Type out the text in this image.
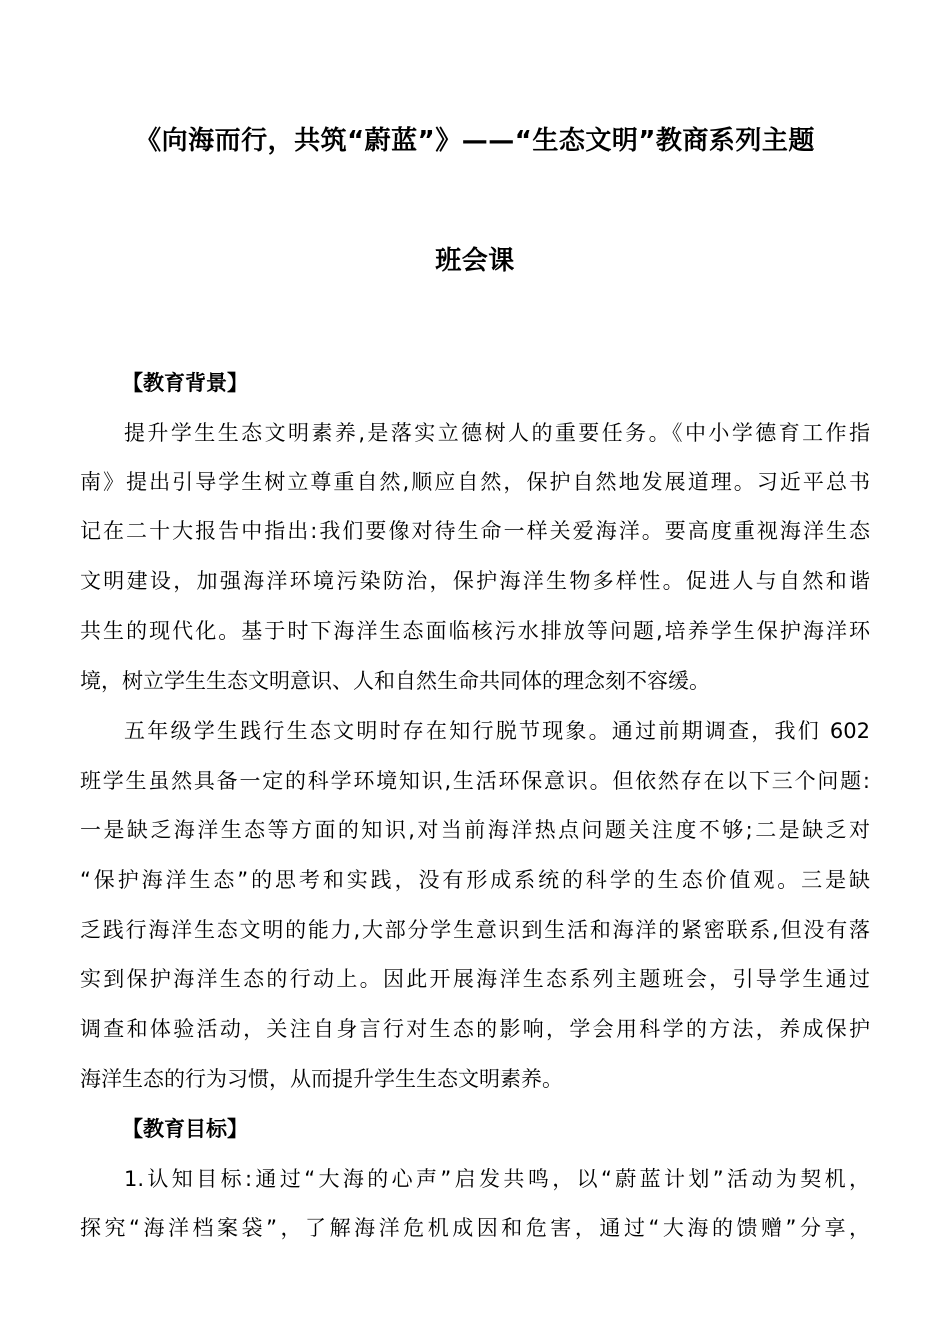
《向海而行，共筑“蔚蓝”》——“生态文明”教商系列主题
班会课
【教育背景】
提升学生生态文明素养,是落实立德树人的重要任务。《中小学德育工作指
南》提出引导学生树立尊重自然,顺应自然，保护自然地发展道理。习近平总书
记在二十大报告中指出:我们要像对待生命一样关爱海洋。要高度重视海洋生态
文明建设，加强海洋环境污染防治，保护海洋生物多样性。促进人与自然和谐
共生的现代化。基于时下海洋生态面临核污水排放等问题,培养学生保护海洋环
境，树立学生生态文明意识、人和自然生命共同体的理念刻不容缓。
五年级学生践行生态文明时存在知行脱节现象。通过前期调查，我们 602
班学生虽然具备一定的科学环境知识,生活环保意识。但依然存在以下三个问题:
一是缺乏海洋生态等方面的知识,对当前海洋热点问题关注度不够;二是缺乏对
“保护海洋生态”的思考和实践，没有形成系统的科学的生态价值观。三是缺
乏践行海洋生态文明的能力,大部分学生意识到生活和海洋的紧密联系,但没有落
实到保护海洋生态的行动上。因此开展海洋生态系列主题班会，引导学生通过
调查和体验活动，关注自身言行对生态的影响，学会用科学的方法，养成保护
海洋生态的行为习惯，从而提升学生生态文明素养。
【教育目标】
1.认知目标:通过“大海的心声”启发共鸣，以“蔚蓝计划”活动为契机，
探究“海洋档案袋”，了解海洋危机成因和危害，通过“大海的馈赠”分享，
